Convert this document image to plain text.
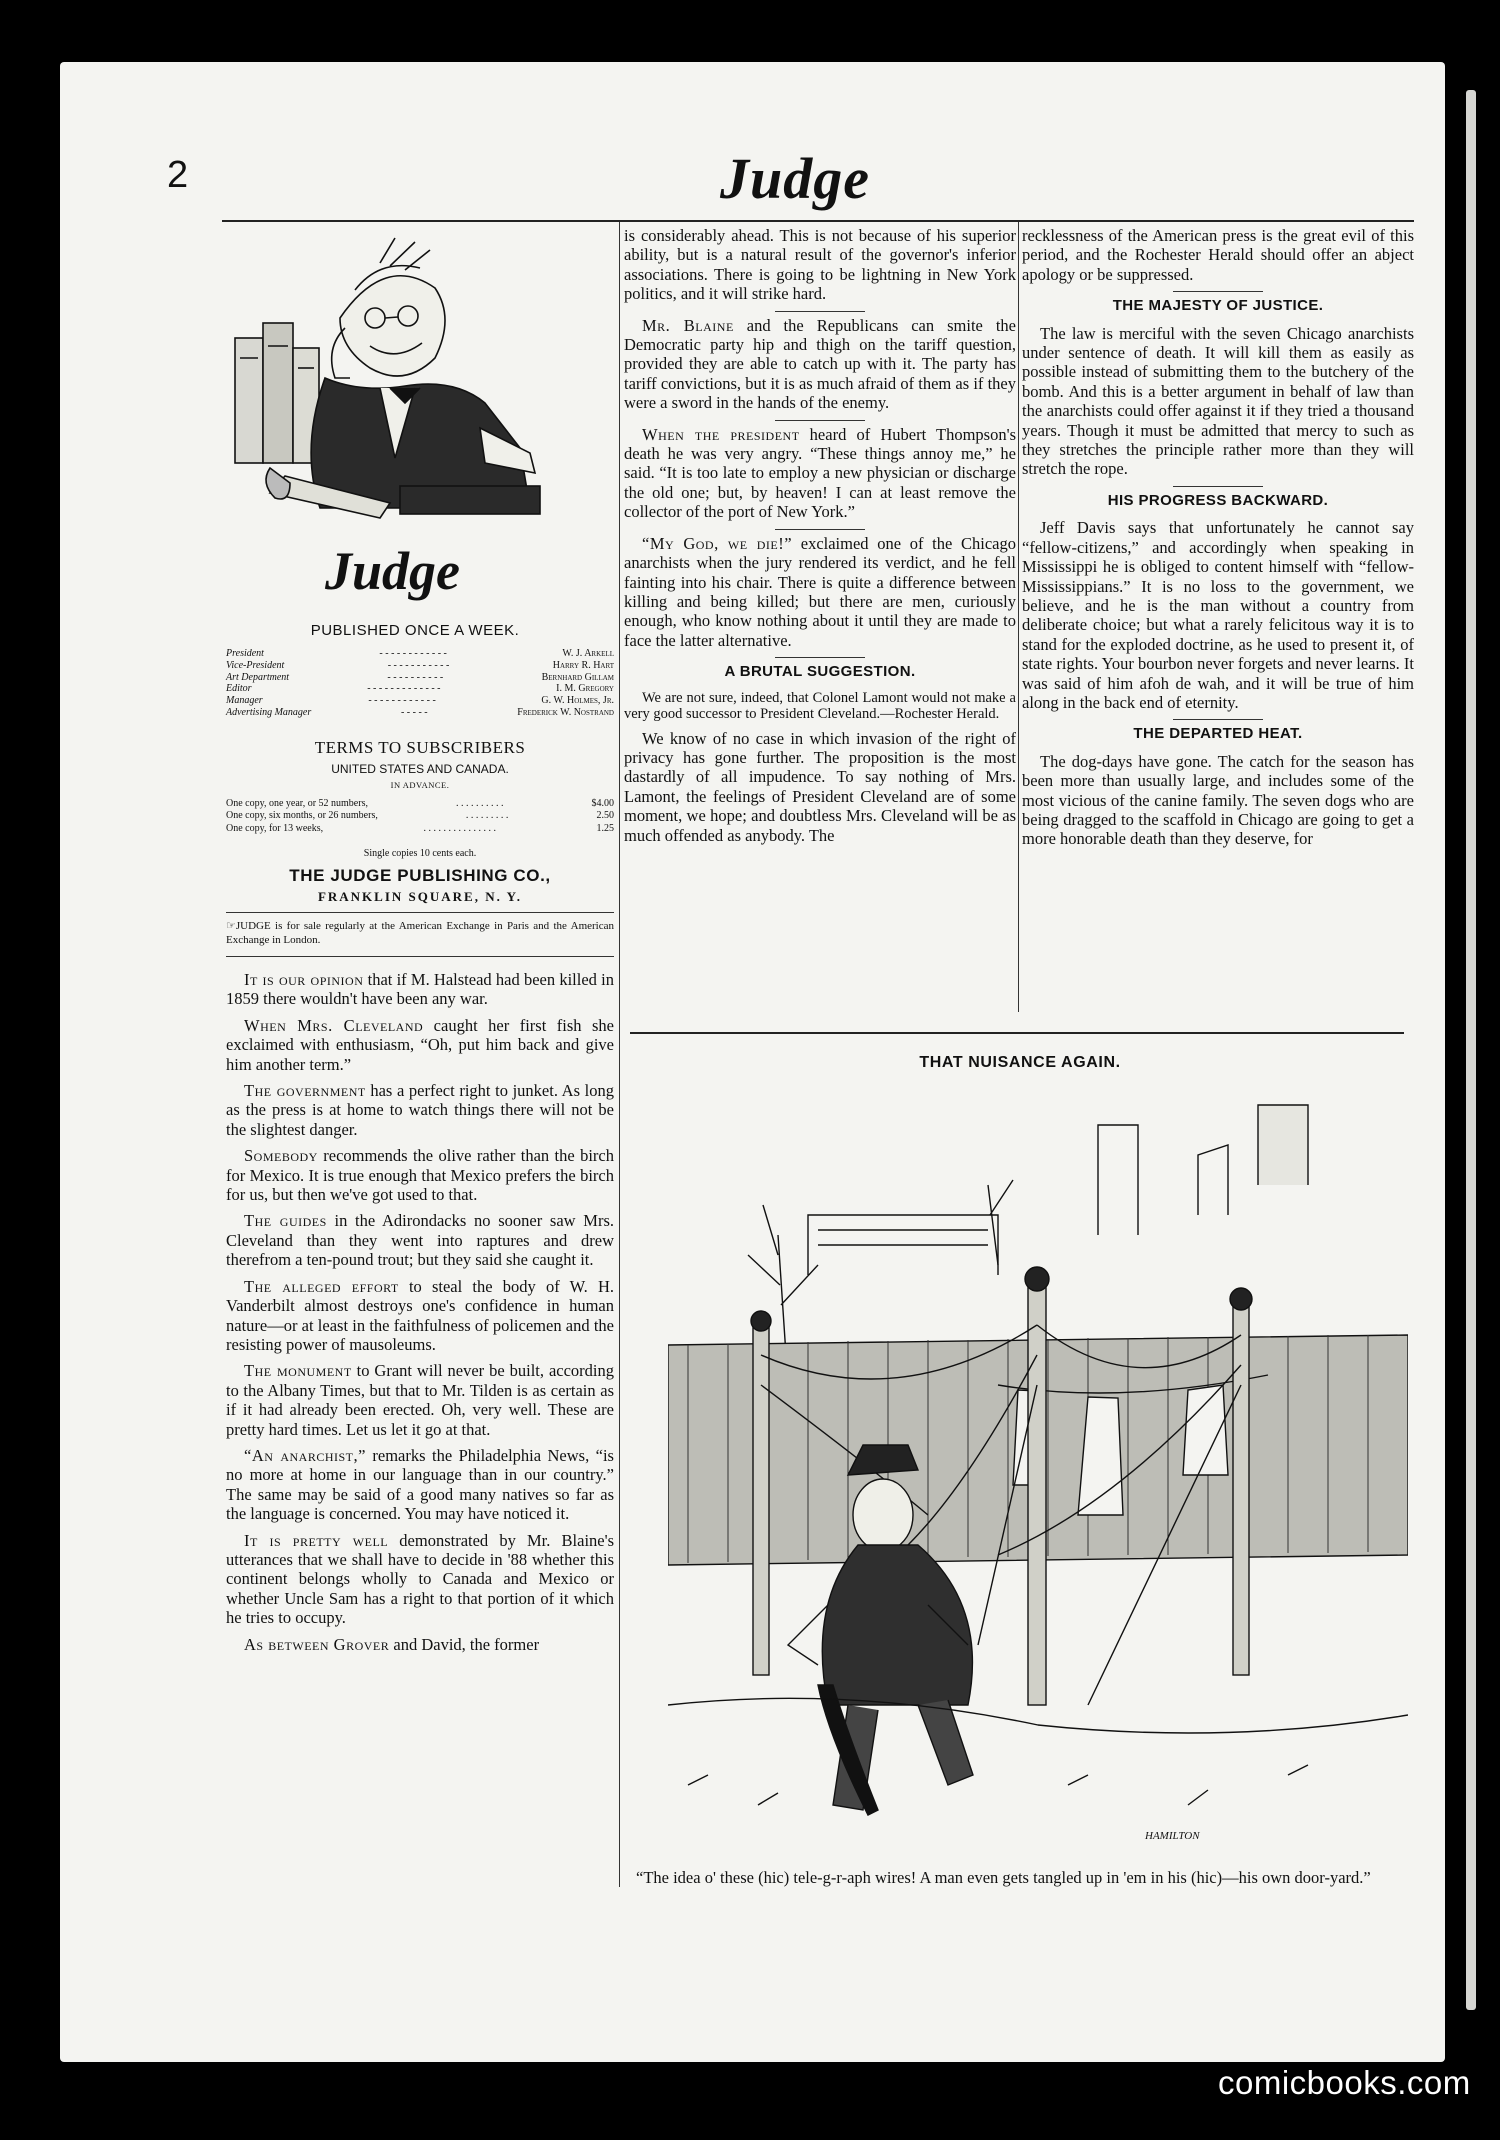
2	Judge
Judge
PUBLISHED ONCE A WEEK.
President	- - - - - - - - - - - -	W. J. Arkell
Vice-President	- - - - - - - - - - -	Harry R. Hart
Art Department	- - - - - - - - - -	Bernhard Gillam
Editor	- - - - - - - - - - - - -	I. M. Gregory
Manager	- - - - - - - - - - - -	G. W. Holmes, Jr.
Advertising Manager	- - - - -	Frederick W. Nostrand
TERMS TO SUBSCRIBERS
UNITED STATES AND CANADA.
IN ADVANCE.
One copy, one year, or 52 numbers,	. . . . . . . . . .	$4.00
One copy, six months, or 26 numbers,	. . . . . . . . .	2.50
One copy, for 13 weeks,	. . . . . . . . . . . . . . .	1.25
Single copies 10 cents each.
THE JUDGE PUBLISHING CO.,
FRANKLIN SQUARE, N. Y.
☞JUDGE is for sale regularly at the American Exchange in Paris and the American Exchange in London.

It is our opinion that if M. Halstead had been killed in 1859 there wouldn't have been any war.

When Mrs. Cleveland caught her first fish she exclaimed with enthusiasm, “Oh, put him back and give him another term.”

The government has a perfect right to junket. As long as the press is at home to watch things there will not be the slightest danger.

Somebody recommends the olive rather than the birch for Mexico. It is true enough that Mexico prefers the birch for us, but then we've got used to that.

The guides in the Adirondacks no sooner saw Mrs. Cleveland than they went into raptures and drew therefrom a ten-pound trout; but they said she caught it.

The alleged effort to steal the body of W. H. Vanderbilt almost destroys one's confidence in human nature—or at least in the faithfulness of policemen and the resisting power of mausoleums.

The monument to Grant will never be built, according to the Albany Times, but that to Mr. Tilden is as certain as if it had already been erected. Oh, very well. These are pretty hard times. Let us let it go at that.

“An anarchist,” remarks the Philadelphia News, “is no more at home in our language than in our country.” The same may be said of a good many natives so far as the language is concerned. You may have noticed it.

It is pretty well demonstrated by Mr. Blaine's utterances that we shall have to decide in '88 whether this continent belongs wholly to Canada and Mexico or whether Uncle Sam has a right to that portion of it which he tries to occupy.

As between Grover and David, the former

is considerably ahead. This is not because of his superior ability, but is a natural result of the governor's inferior associations. There is going to be lightning in New York politics, and it will strike hard.

Mr. Blaine and the Republicans can smite the Democratic party hip and thigh on the tariff question, provided they are able to catch up with it. The party has tariff convictions, but it is as much afraid of them as if they were a sword in the hands of the enemy.

When the president heard of Hubert Thompson's death he was very angry. “These things annoy me,” he said. “It is too late to employ a new physician or discharge the old one; but, by heaven! I can at least remove the collector of the port of New York.”

“My God, we die!” exclaimed one of the Chicago anarchists when the jury rendered its verdict, and he fell fainting into his chair. There is quite a difference between killing and being killed; but there are men, curiously enough, who know nothing about it until they are made to face the latter alternative.

A BRUTAL SUGGESTION.

We are not sure, indeed, that Colonel Lamont would not make a very good successor to President Cleveland.—Rochester Herald.

We know of no case in which invasion of the right of privacy has gone further. The proposition is the most dastardly of all impudence. To say nothing of Mrs. Lamont, the feelings of President Cleveland are of some moment, we hope; and doubtless Mrs. Cleveland will be as much offended as anybody. The

recklessness of the American press is the great evil of this period, and the Rochester Herald should offer an abject apology or be suppressed.

THE MAJESTY OF JUSTICE.

The law is merciful with the seven Chicago anarchists under sentence of death. It will kill them as easily as possible instead of submitting them to the butchery of the bomb. And this is a better argument in behalf of law than the anarchists could offer against it if they tried a thousand years. Though it must be admitted that mercy to such as they stretches the principle rather more than they will stretch the rope.

HIS PROGRESS BACKWARD.

Jeff Davis says that unfortunately he cannot say “fellow-citizens,” and accordingly when speaking in Mississippi he is obliged to content himself with “fellow-Mississippians.” It is no loss to the government, we believe, and he is the man without a country from deliberate choice; but what a rarely felicitous way it is to stand for the exploded doctrine, as he used to present it, of state rights. Your bourbon never forgets and never learns. It was said of him afoh de wah, and it will be true of him along in the back end of eternity.

THE DEPARTED HEAT.

The dog-days have gone. The catch for the season has been more than usually large, and includes some of the most vicious of the canine family. The seven dogs who are being dragged to the scaffold in Chicago are going to get a more honorable death than they deserve, for

THAT NUISANCE AGAIN.
HAMILTON
“The idea o' these (hic) tele-g-r-aph wires! A man even gets tangled up in 'em in his (hic)—his own door-yard.”
comicbooks.com
